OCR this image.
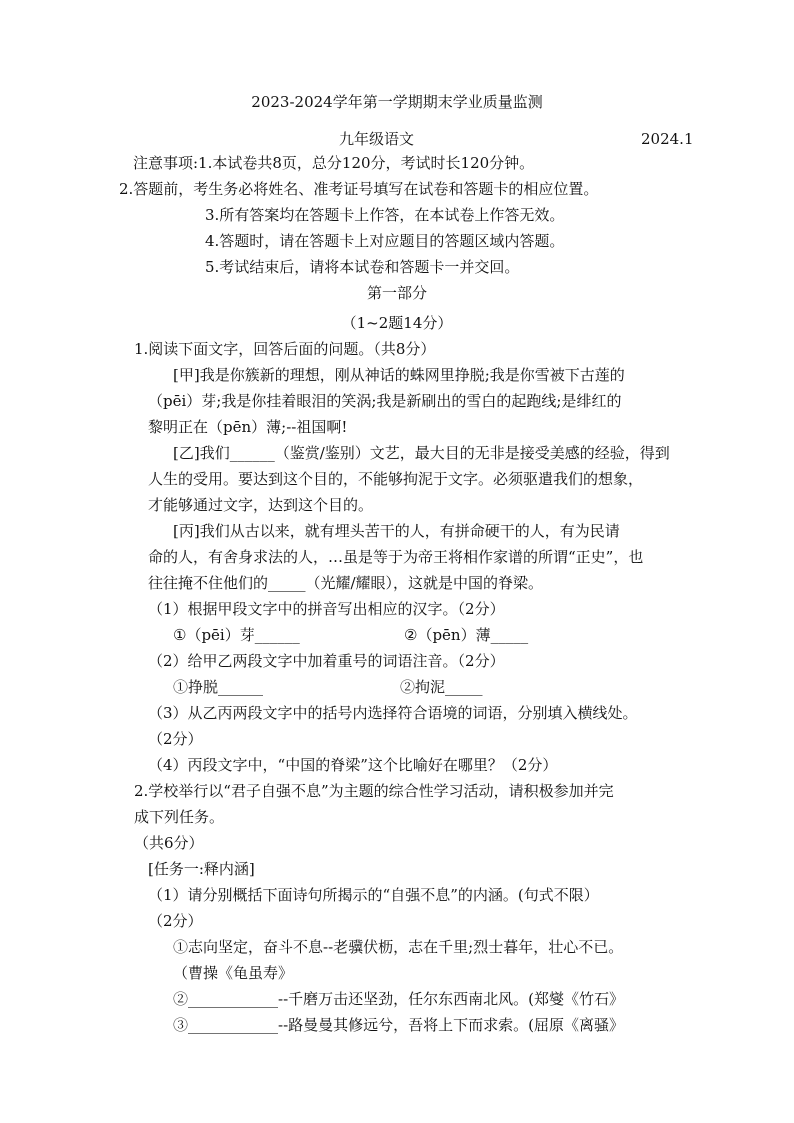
2023-2024学年第一学期期末学业质量监测
九年级语文	2024.1
注意事项:1.本试卷共8页，总分120分，考试时长120分钟。
2.答题前，考生务必将姓名、准考证号填写在试卷和答题卡的相应位置。
3.所有答案均在答题卡上作答，在本试卷上作答无效。
4.答题时，请在答题卡上对应题目的答题区域内答题。
5.考试结束后，请将本试卷和答题卡一并交回。
第一部分
（1~2题14分）
1.阅读下面文字，回答后面的问题。（共8分）
[甲]我是你簇新的理想，刚从神话的蛛网里挣脱;我是你雪被下古莲的
（pēi）芽;我是你挂着眼泪的笑涡;我是新刷出的雪白的起跑线;是绯红的
黎明正在（pēn）薄;--祖国啊!
[乙]我们______（鉴赏/鉴别）文艺，最大目的无非是接受美感的经验，得到
人生的受用。要达到这个目的，不能够拘泥于文字。必须驱遣我们的想象，
才能够通过文字，达到这个目的。
[丙]我们从古以来，就有埋头苦干的人，有拼命硬干的人，有为民请
命的人，有舍身求法的人，…虽是等于为帝王将相作家谱的所谓“正史”，也
往往掩不住他们的_____（光耀/耀眼），这就是中国的脊梁。
（1）根据甲段文字中的拼音写出相应的汉字。（2分）
①（pēi）芽______	②（pēn）薄_____
（2）给甲乙两段文字中加着重号的词语注音。（2分）
①挣脱______	②拘泥_____
（3）从乙丙两段文字中的括号内选择符合语境的词语，分别填入横线处。
（2分）
（4）丙段文字中，“中国的脊梁”这个比喻好在哪里？（2分）
2.学校举行以“君子自强不息”为主题的综合性学习活动，请积极参加并完
成下列任务。
（共6分）
[任务一:释内涵]
（1）请分别概括下面诗句所揭示的“自强不息”的内涵。(句式不限）
（2分）
①志向坚定，奋斗不息--老骥伏枥，志在千里;烈士暮年，壮心不已。
（曹操《龟虽寿》
②____________--千磨万击还坚劲，任尔东西南北风。(郑燮《竹石》
③____________--路曼曼其修远兮，吾将上下而求索。(屈原《离骚》
